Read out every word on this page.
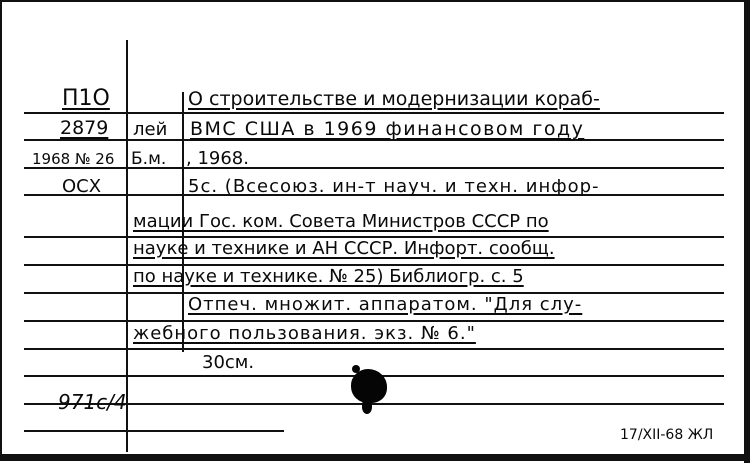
П1О
2879
1968 № 26
ОСХ
971с/4
лей
Б.м.
О строительстве и модернизации кораб-
ВМС США в 1969 финансовом году
, 1968.
5с. (Всесоюз. ин-т науч. и техн. инфор-
мации Гос. ком. Совета Министров СССР по
науке и технике и АН СССР. Инфорт. сообщ.
по науке и технике. № 25) Библиогр. с. 5
Отпеч. множит. аппаратом. "Для слу-
жебного пользования. экз. № 6."
30см.
17/XII-68 ЖЛ
